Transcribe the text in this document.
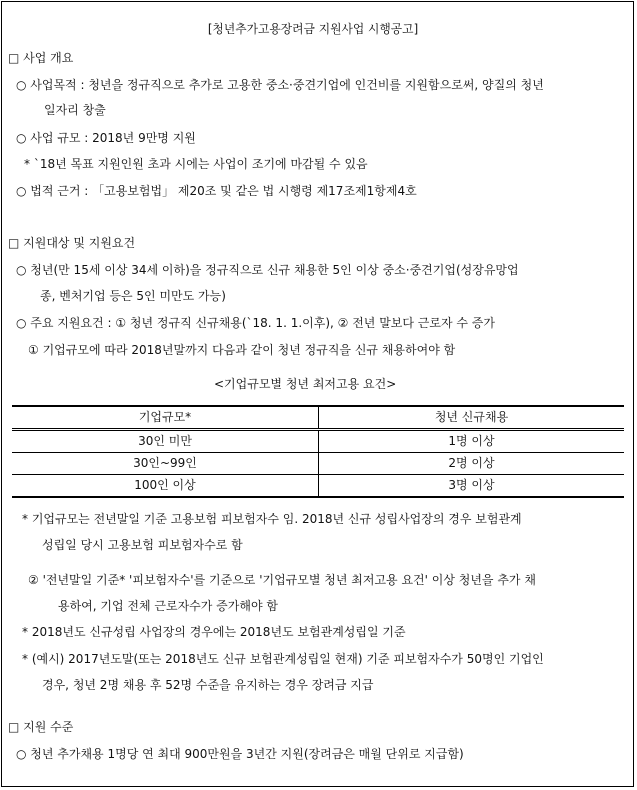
[청년추가고용장려금 지원사업 시행공고]
□ 사업 개요
○ 사업목적 : 청년을 정규직으로 추가로 고용한 중소·중견기업에 인건비를 지원함으로써, 양질의 청년
일자리 창출
○ 사업 규모 : 2018년 9만명 지원
* `18년 목표 지원인원 초과 시에는 사업이 조기에 마감될 수 있음
○ 법적 근거 : 「고용보험법」 제20조 및 같은 법 시행령 제17조제1항제4호
□ 지원대상 및 지원요건
○ 청년(만 15세 이상 34세 이하)을 정규직으로 신규 채용한 5인 이상 중소·중견기업(성장유망업
종, 벤처기업 등은 5인 미만도 가능)
○ 주요 지원요건 : ① 청년 정규직 신규채용(`18. 1. 1.이후), ② 전년 말보다 근로자 수 증가
① 기업규모에 따라 2018년말까지 다음과 같이 청년 정규직을 신규 채용하여야 함
<기업규모별 청년 최저고용 요건>
기업규모*	청년 신규채용
30인 미만	1명 이상
30인~99인	2명 이상
100인 이상	3명 이상
* 기업규모는 전년말일 기준 고용보험 피보험자수 임. 2018년 신규 성립사업장의 경우 보험관계
성립일 당시 고용보험 피보험자수로 함
② '전년말일 기준* '피보험자수'를 기준으로 '기업규모별 청년 최저고용 요건' 이상 청년을 추가 채
용하여, 기업 전체 근로자수가 증가해야 함
* 2018년도 신규성립 사업장의 경우에는 2018년도 보험관계성립일 기준
* (예시) 2017년도말(또는 2018년도 신규 보험관계성립일 현재) 기준 피보험자수가 50명인 기업인
경우, 청년 2명 채용 후 52명 수준을 유지하는 경우 장려금 지급
□ 지원 수준
○ 청년 추가채용 1명당 연 최대 900만원을 3년간 지원(장려금은 매월 단위로 지급함)
